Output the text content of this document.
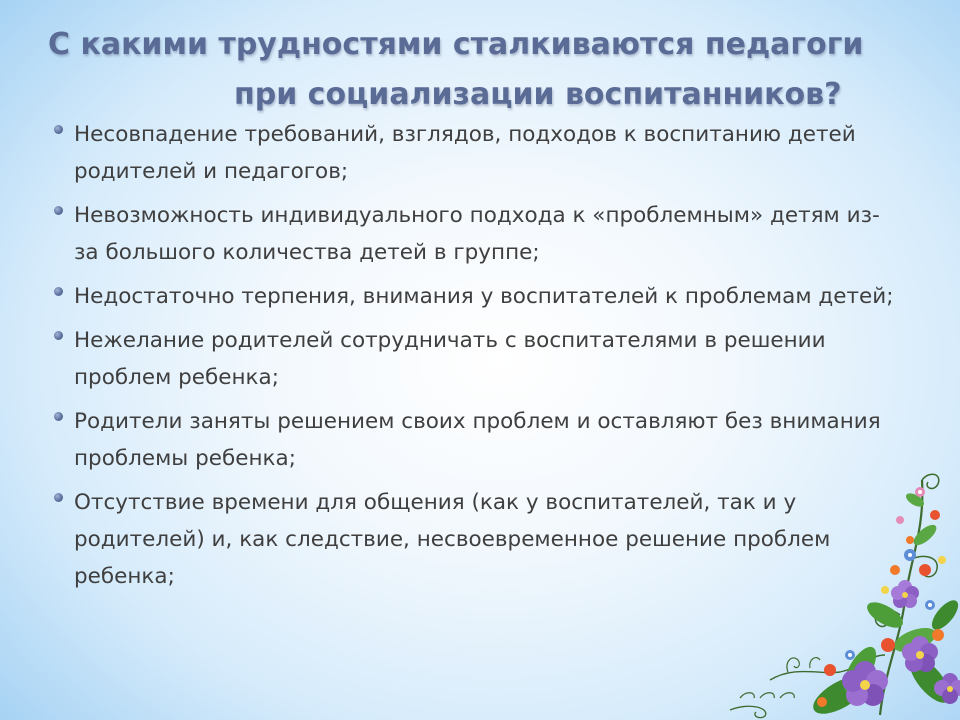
С какими трудностями сталкиваются педагоги
при социализации воспитанников?
Несовпадение требований, взглядов, подходов к воспитанию детей родителей и педагогов;
Невозможность индивидуального подхода к «проблемным» детям из-за большого количества детей в группе;
Недостаточно терпения, внимания у воспитателей к проблемам детей;
Нежелание родителей сотрудничать с воспитателями в решении проблем ребенка;
Родители заняты решением своих проблем и оставляют без внимания проблемы ребенка;
Отсутствие времени для общения (как у воспитателей, так и у родителей) и, как следствие, несвоевременное решение проблем ребенка;
